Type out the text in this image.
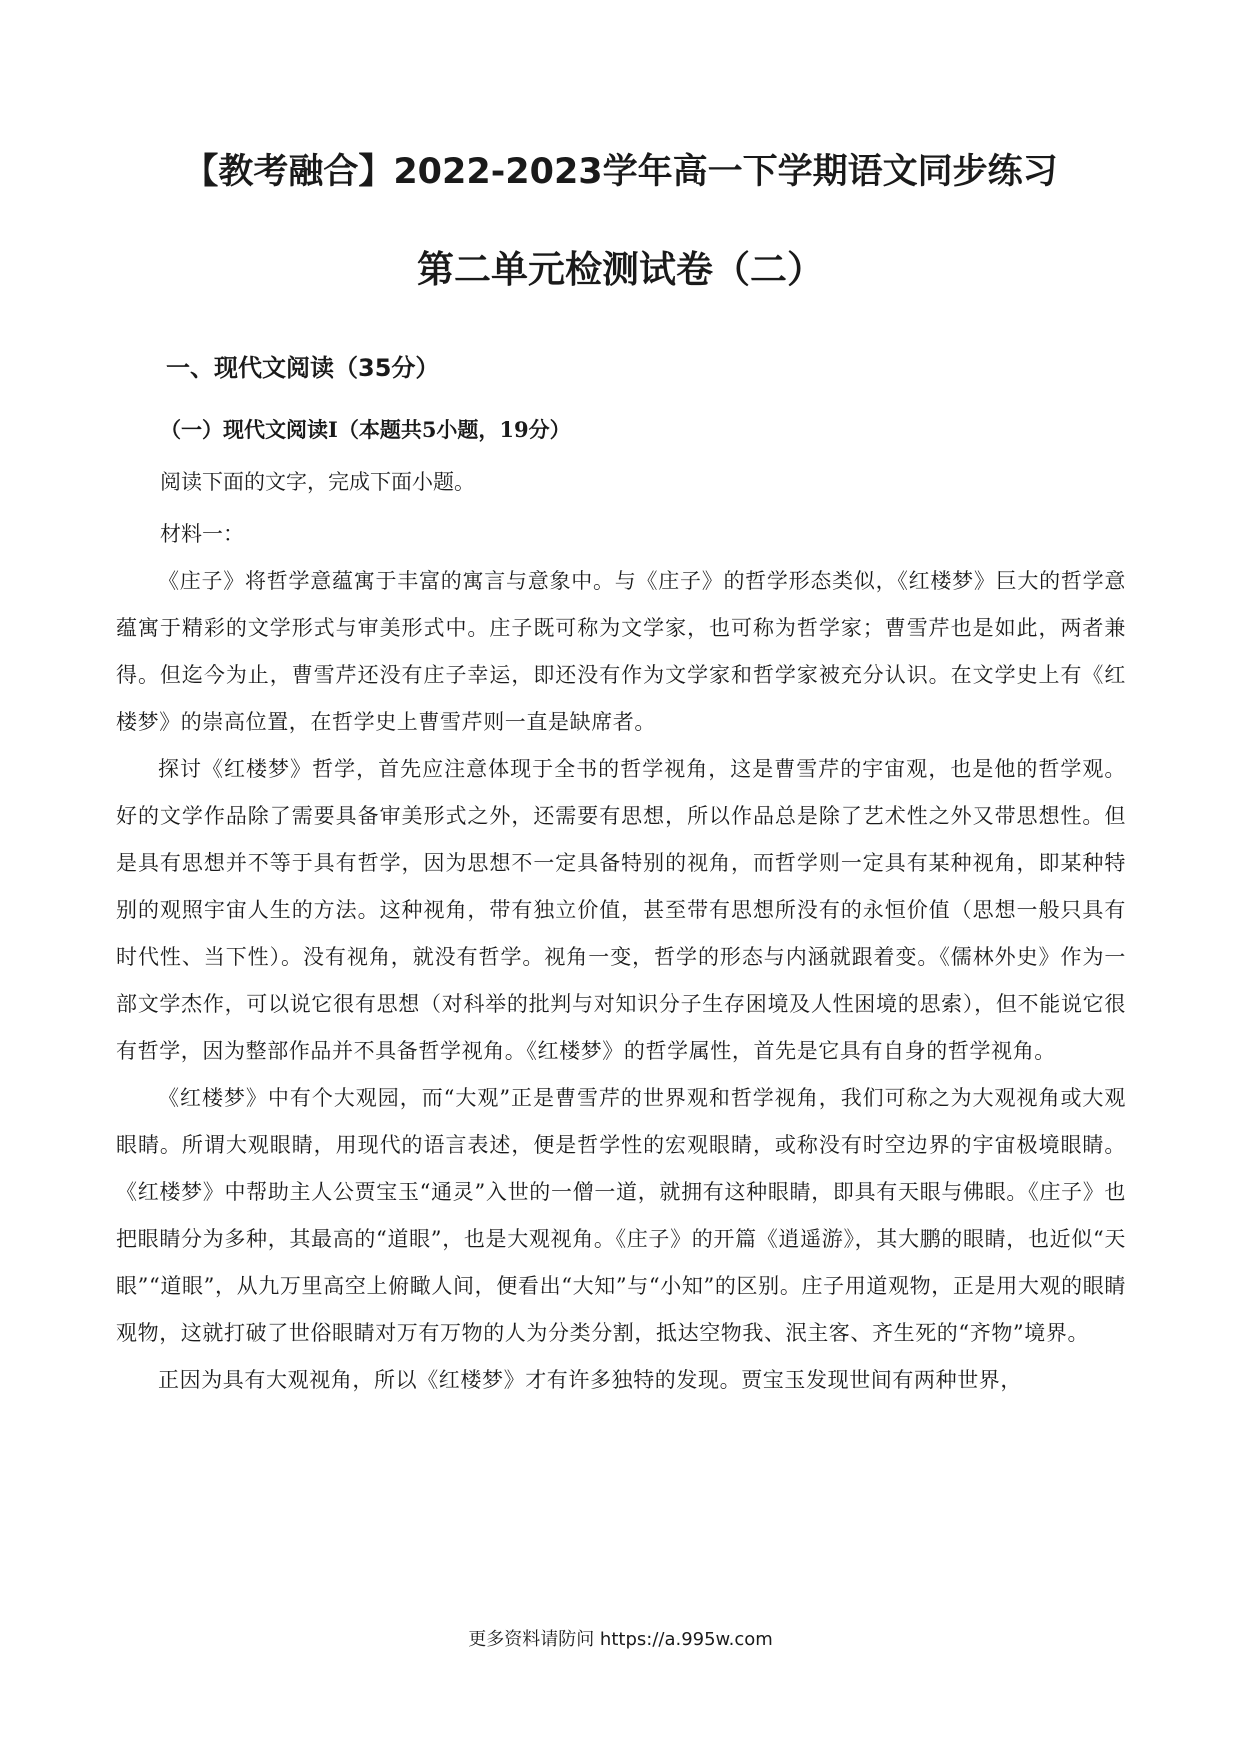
【教考融合】2022-2023学年高一下学期语文同步练习
第二单元检测试卷（二）
一、现代文阅读（35分）
（一）现代文阅读Ⅰ（本题共5小题，19分）
阅读下面的文字，完成下面小题。
材料一：

《庄子》将哲学意蕴寓于丰富的寓言与意象中。与《庄子》的哲学形态类似，《红楼梦》巨大的哲学意蕴寓于精彩的文学形式与审美形式中。庄子既可称为文学家，也可称为哲学家；曹雪芹也是如此，两者兼得。但迄今为止，曹雪芹还没有庄子幸运，即还没有作为文学家和哲学家被充分认识。在文学史上有《红楼梦》的崇高位置，在哲学史上曹雪芹则一直是缺席者。

探讨《红楼梦》哲学，首先应注意体现于全书的哲学视角，这是曹雪芹的宇宙观，也是他的哲学观。好的文学作品除了需要具备审美形式之外，还需要有思想，所以作品总是除了艺术性之外又带思想性。但是具有思想并不等于具有哲学，因为思想不一定具备特别的视角，而哲学则一定具有某种视角，即某种特别的观照宇宙人生的方法。这种视角，带有独立价值，甚至带有思想所没有的永恒价值（思想一般只具有时代性、当下性）。没有视角，就没有哲学。视角一变，哲学的形态与内涵就跟着变。《儒林外史》作为一部文学杰作，可以说它很有思想（对科举的批判与对知识分子生存困境及人性困境的思索），但不能说它很有哲学，因为整部作品并不具备哲学视角。《红楼梦》的哲学属性，首先是它具有自身的哲学视角。

《红楼梦》中有个大观园，而“大观”正是曹雪芹的世界观和哲学视角，我们可称之为大观视角或大观眼睛。所谓大观眼睛，用现代的语言表述，便是哲学性的宏观眼睛，或称没有时空边界的宇宙极境眼睛。《红楼梦》中帮助主人公贾宝玉“通灵”入世的一僧一道，就拥有这种眼睛，即具有天眼与佛眼。《庄子》也把眼睛分为多种，其最高的“道眼”，也是大观视角。《庄子》的开篇《逍遥游》，其大鹏的眼睛，也近似“天眼”“道眼”，从九万里高空上俯瞰人间，便看出“大知”与“小知”的区别。庄子用道观物，正是用大观的眼睛观物，这就打破了世俗眼睛对万有万物的人为分类分割，抵达空物我、泯主客、齐生死的“齐物”境界。

正因为具有大观视角，所以《红楼梦》才有许多独特的发现。贾宝玉发现世间有两种世界，

更多资料请防问 https://a.995w.com
